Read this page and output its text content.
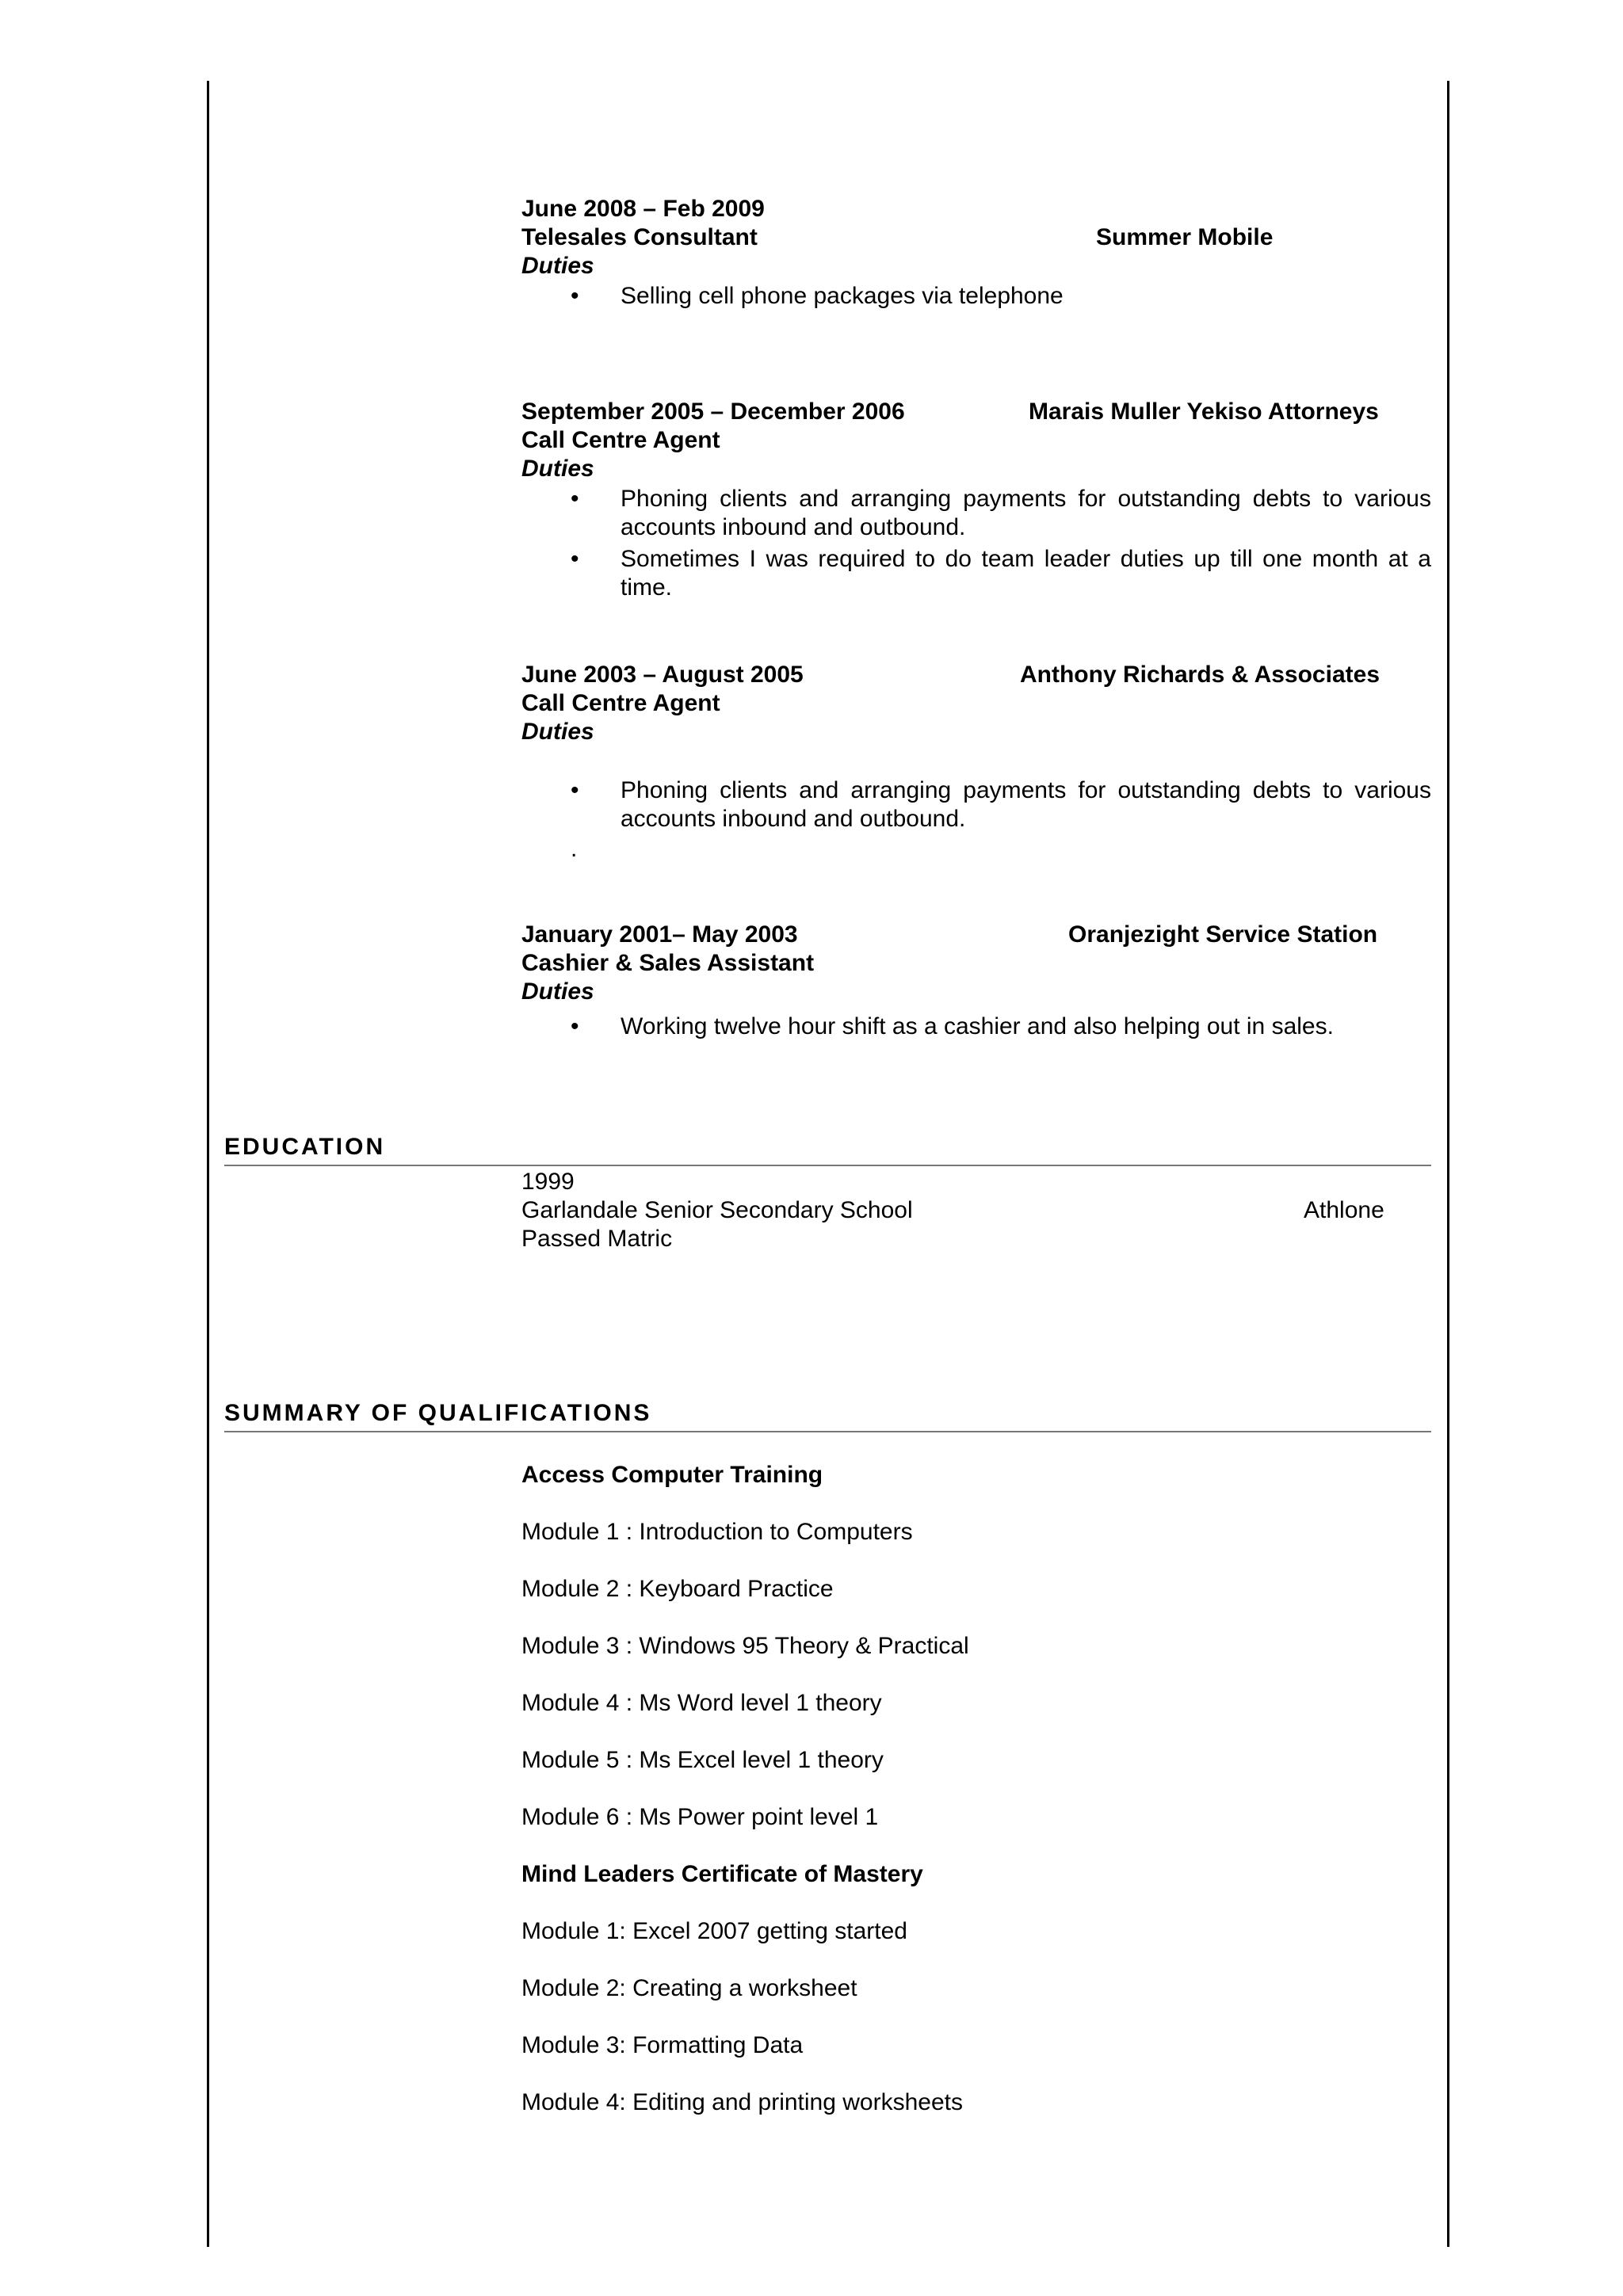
June 2008 – Feb 2009
Telesales Consultant	Summer Mobile
Duties
• Selling cell phone packages via telephone
September 2005 – December 2006	Marais Muller Yekiso Attorneys
Call Centre Agent
Duties
• Phoning clients and arranging payments for outstanding debts to various accounts inbound and outbound.
• Sometimes I was required to do team leader duties up till one month at a time.
June 2003 – August 2005	Anthony Richards & Associates
Call Centre Agent
Duties
• Phoning clients and arranging payments for outstanding debts to various accounts inbound and outbound.
.
January 2001– May 2003	Oranjezight Service Station
Cashier & Sales Assistant
Duties
• Working twelve hour shift as a cashier and also helping out in sales.
EDUCATION
1999
Garlandale Senior Secondary School	Athlone
Passed Matric
SUMMARY OF QUALIFICATIONS
Access Computer Training
Module 1 : Introduction to Computers
Module 2 : Keyboard Practice
Module 3 : Windows 95 Theory & Practical
Module 4 : Ms Word level 1 theory
Module 5 : Ms Excel level 1 theory
Module 6 : Ms Power point level 1
Mind Leaders Certificate of Mastery
Module 1: Excel 2007 getting started
Module 2: Creating a worksheet
Module 3: Formatting Data
Module 4: Editing and printing worksheets
